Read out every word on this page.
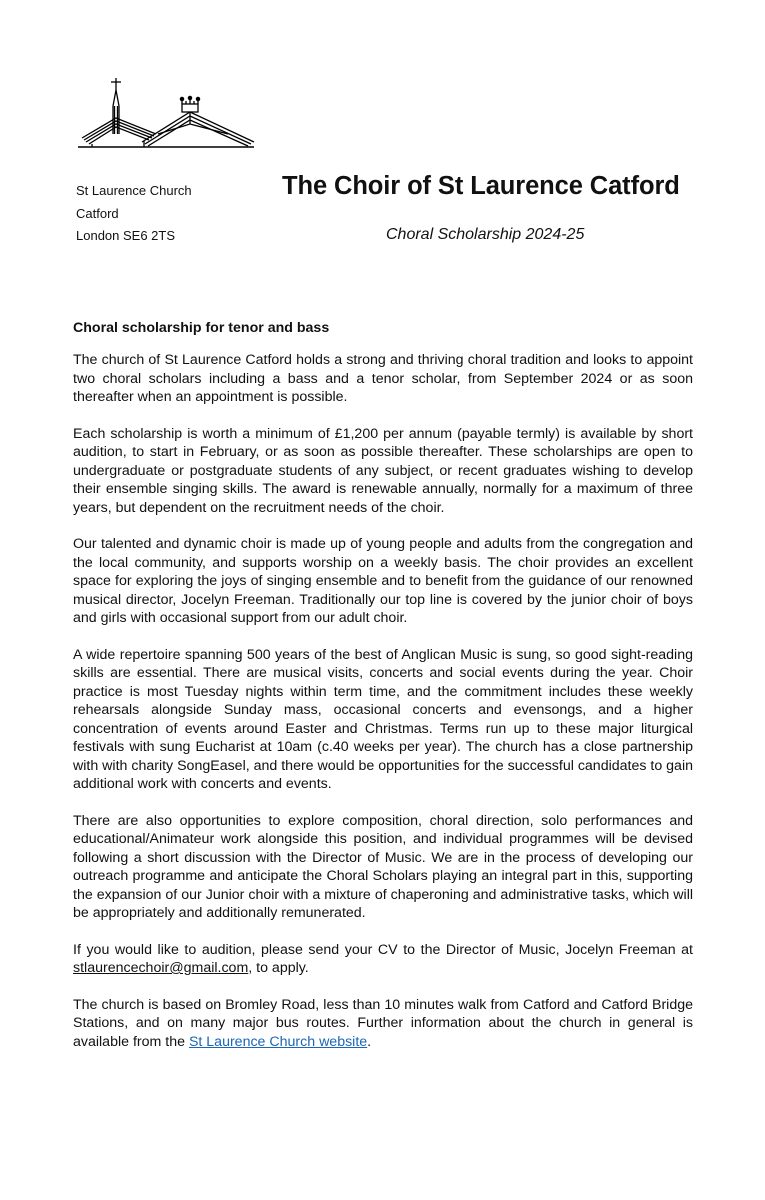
St Laurence Church
Catford
London SE6 2TS
The Choir of St Laurence Catford
Choral Scholarship 2024-25
Choral scholarship for tenor and bass

The church of St Laurence Catford holds a strong and thriving choral tradition and looks to appoint two choral scholars including a bass and a tenor scholar, from September 2024 or as soon thereafter when an appointment is possible.

Each scholarship is worth a minimum of £1,200 per annum (payable termly) is available by short audition, to start in February, or as soon as possible thereafter. These scholarships are open to undergraduate or postgraduate students of any subject, or recent graduates wishing to develop their ensemble singing skills. The award is renewable annually, normally for a maximum of three years, but dependent on the recruitment needs of the choir.

Our talented and dynamic choir is made up of young people and adults from the congregation and the local community, and supports worship on a weekly basis. The choir provides an excellent space for exploring the joys of singing ensemble and to benefit from the guidance of our renowned musical director, Jocelyn Freeman. Traditionally our top line is covered by the junior choir of boys and girls with occasional support from our adult choir.

A wide repertoire spanning 500 years of the best of Anglican Music is sung, so good sight-reading skills are essential. There are musical visits, concerts and social events during the year. Choir practice is most Tuesday nights within term time, and the commitment includes these weekly rehearsals alongside Sunday mass, occasional concerts and evensongs, and a higher concentration of events around Easter and Christmas. Terms run up to these major liturgical festivals with sung Eucharist at 10am (c.40 weeks per year). The church has a close partnership with with charity SongEasel, and there would be opportunities for the successful candidates to gain additional work with concerts and events.

There are also opportunities to explore composition, choral direction, solo performances and educational/Animateur work alongside this position, and individual programmes will be devised following a short discussion with the Director of Music. We are in the process of developing our outreach programme and anticipate the Choral Scholars playing an integral part in this, supporting the expansion of our Junior choir with a mixture of chaperoning and administrative tasks, which will be appropriately and additionally remunerated.

If you would like to audition, please send your CV to the Director of Music, Jocelyn Freeman at stlaurencechoir@gmail.com, to apply.

The church is based on Bromley Road, less than 10 minutes walk from Catford and Catford Bridge Stations, and on many major bus routes. Further information about the church in general is available from the St Laurence Church website.
